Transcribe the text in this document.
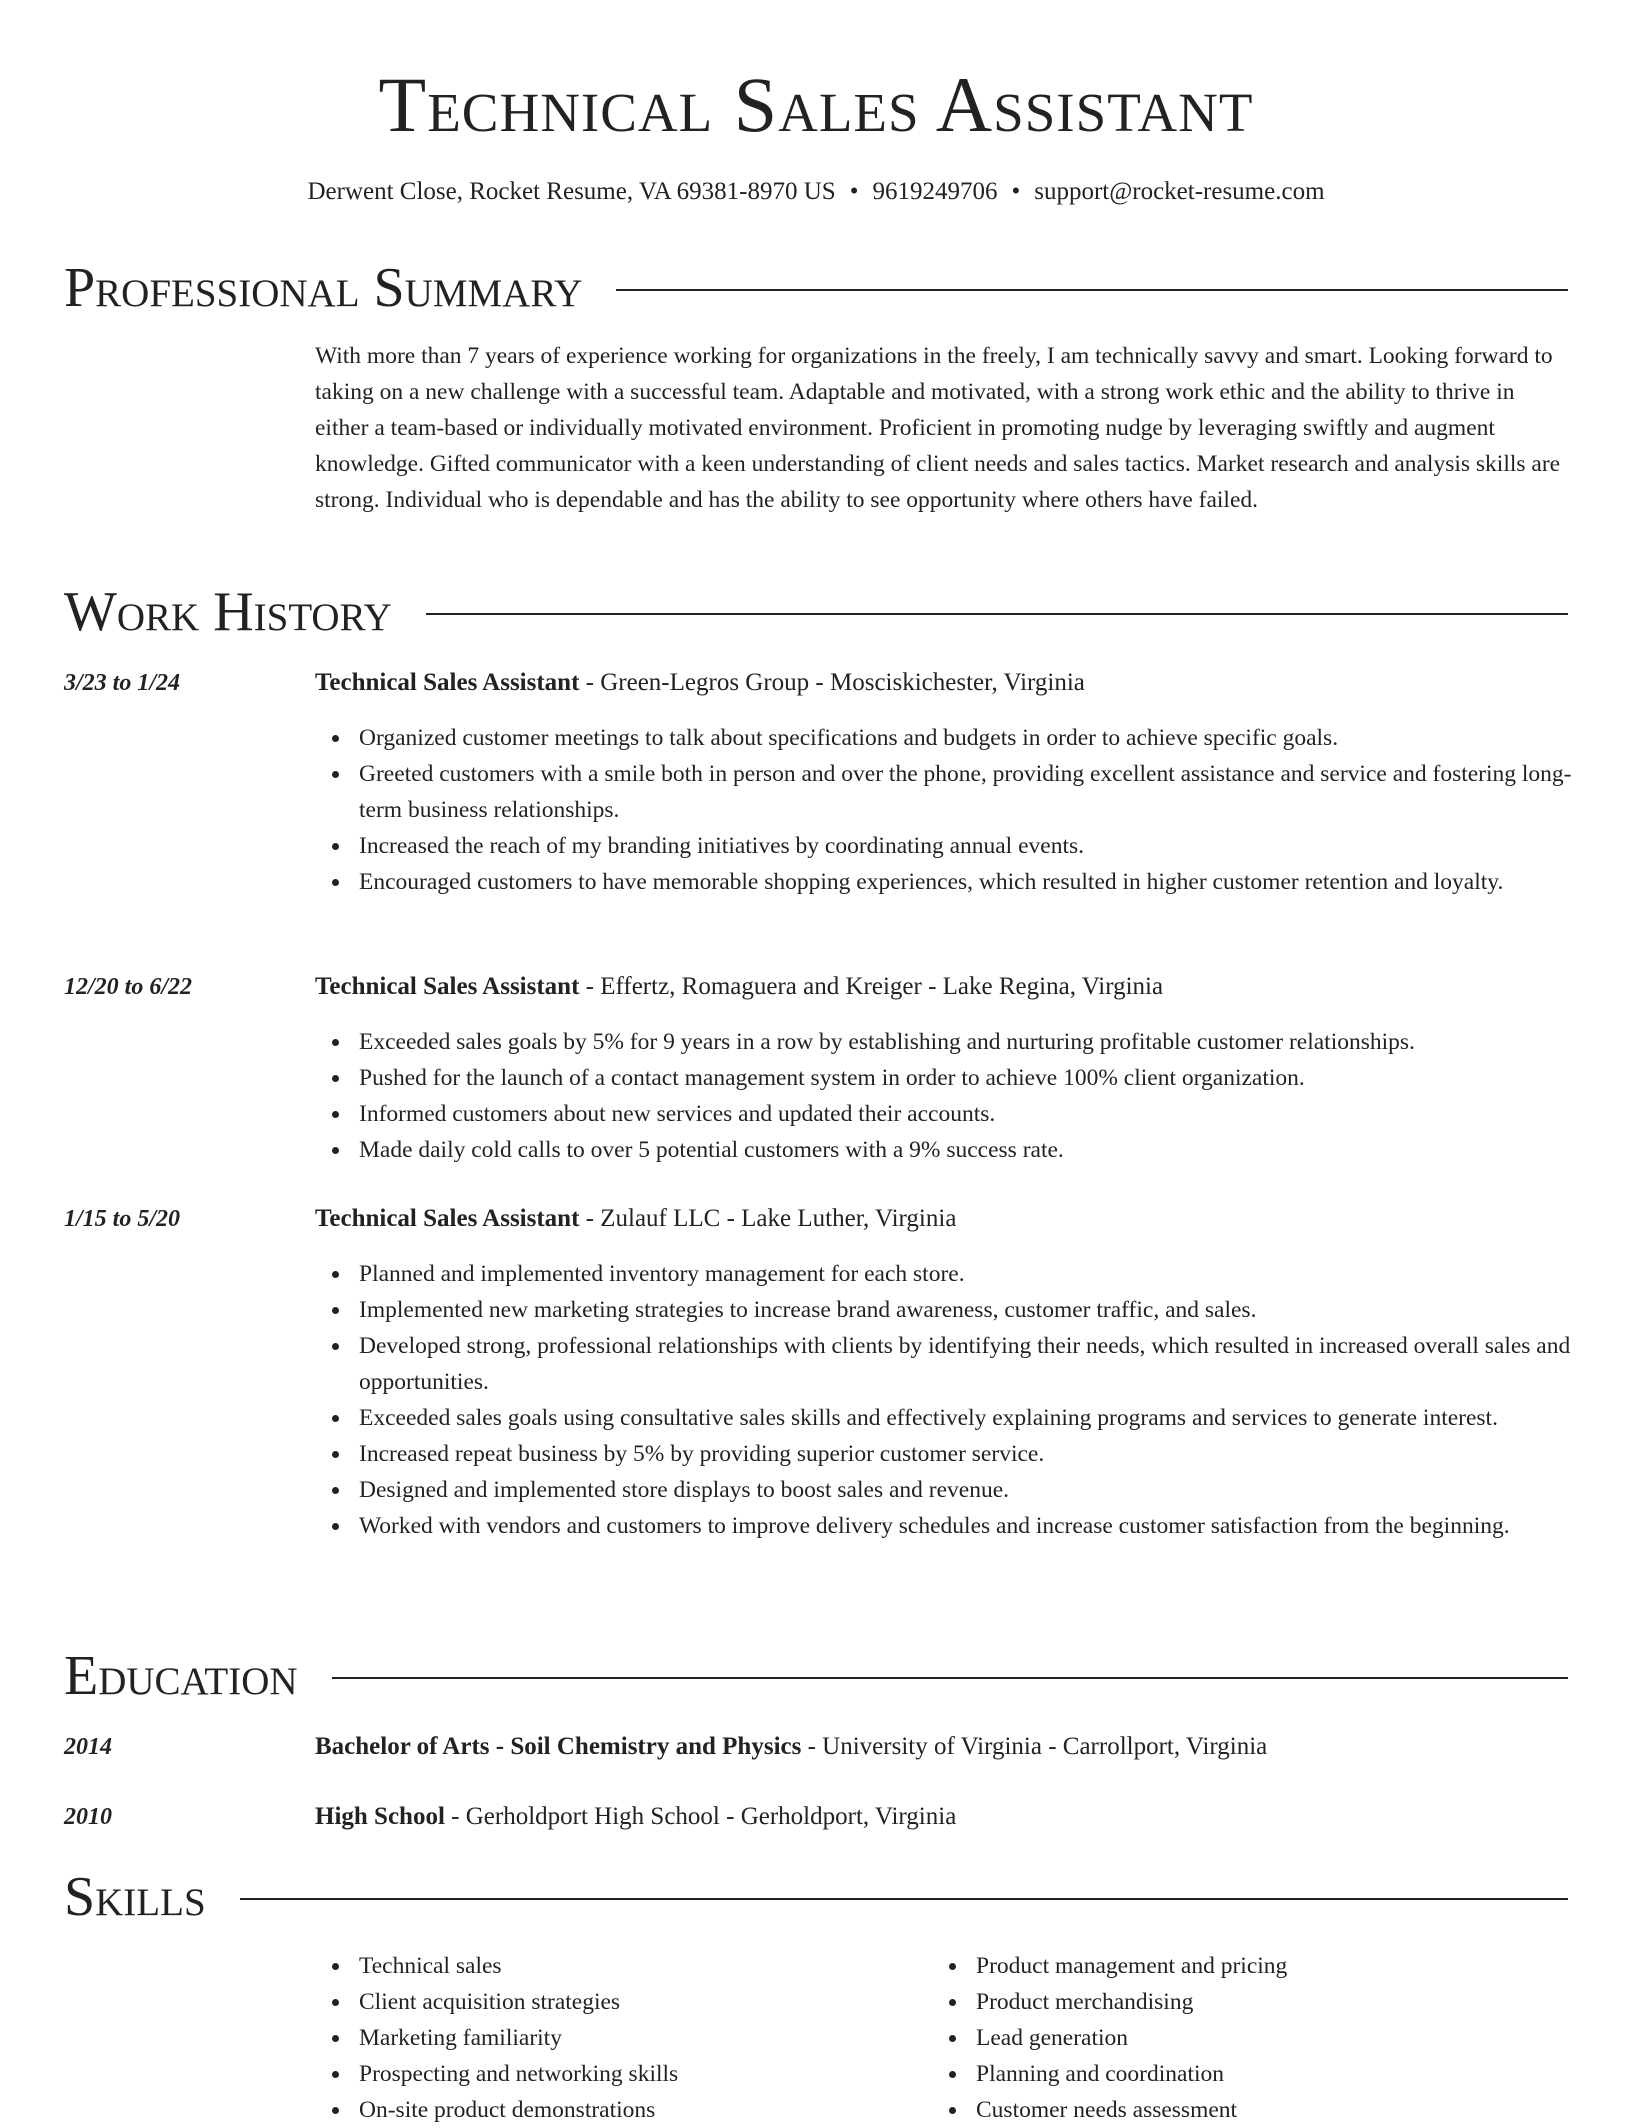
Technical Sales Assistant
Derwent Close, Rocket Resume, VA 69381-8970 US • 9619249706 • support@rocket-resume.com
Professional Summary

With more than 7 years of experience working for organizations in the freely, I am technically savvy and smart. Looking forward to taking on a new challenge with a successful team. Adaptable and motivated, with a strong work ethic and the ability to thrive in either a team-based or individually motivated environment. Proficient in promoting nudge by leveraging swiftly and augment knowledge. Gifted communicator with a keen understanding of client needs and sales tactics. Market research and analysis skills are strong. Individual who is dependable and has the ability to see opportunity where others have failed.

Work History
3/23 to 1/24	Technical Sales Assistant - Green-Legros Group - Mosciskichester, Virginia
Organized customer meetings to talk about specifications and budgets in order to achieve specific goals.
Greeted customers with a smile both in person and over the phone, providing excellent assistance and service and fostering long-term business relationships.
Increased the reach of my branding initiatives by coordinating annual events.
Encouraged customers to have memorable shopping experiences, which resulted in higher customer retention and loyalty.
12/20 to 6/22	Technical Sales Assistant - Effertz, Romaguera and Kreiger - Lake Regina, Virginia
Exceeded sales goals by 5% for 9 years in a row by establishing and nurturing profitable customer relationships.
Pushed for the launch of a contact management system in order to achieve 100% client organization.
Informed customers about new services and updated their accounts.
Made daily cold calls to over 5 potential customers with a 9% success rate.
1/15 to 5/20	Technical Sales Assistant - Zulauf LLC - Lake Luther, Virginia
Planned and implemented inventory management for each store.
Implemented new marketing strategies to increase brand awareness, customer traffic, and sales.
Developed strong, professional relationships with clients by identifying their needs, which resulted in increased overall sales and opportunities.
Exceeded sales goals using consultative sales skills and effectively explaining programs and services to generate interest.
Increased repeat business by 5% by providing superior customer service.
Designed and implemented store displays to boost sales and revenue.
Worked with vendors and customers to improve delivery schedules and increase customer satisfaction from the beginning.
Education
2014	Bachelor of Arts - Soil Chemistry and Physics - University of Virginia - Carrollport, Virginia
2010	High School - Gerholdport High School - Gerholdport, Virginia
Skills
Technical sales
Client acquisition strategies
Marketing familiarity
Prospecting and networking skills
On-site product demonstrations
Product management and pricing
Product merchandising
Lead generation
Planning and coordination
Customer needs assessment
